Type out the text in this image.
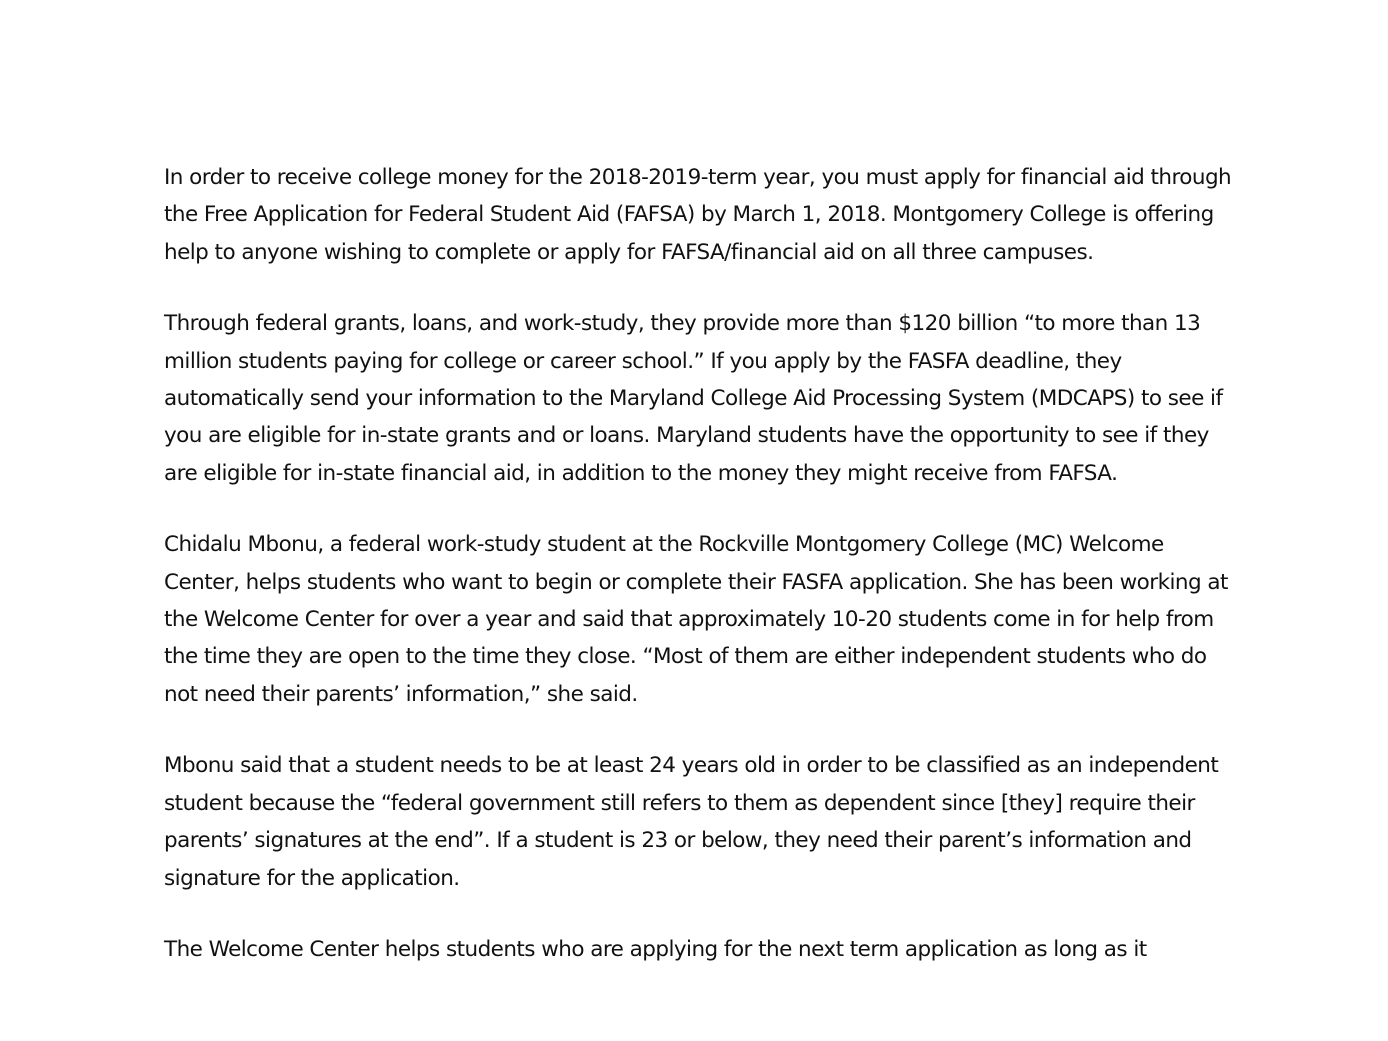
In order to receive college money for the 2018-2019-term year, you must apply for financial aid through the Free Application for Federal Student Aid (FAFSA) by March 1, 2018. Montgomery College is offering help to anyone wishing to complete or apply for FAFSA/financial aid on all three campuses.

Through federal grants, loans, and work-study, they provide more than $120 billion “to more than 13 million students paying for college or career school.” If you apply by the FASFA deadline, they automatically send your information to the Maryland College Aid Processing System (MDCAPS) to see if you are eligible for in-state grants and or loans. Maryland students have the opportunity to see if they are eligible for in-state financial aid, in addition to the money they might receive from FAFSA.

Chidalu Mbonu, a federal work-study student at the Rockville Montgomery College (MC) Welcome Center, helps students who want to begin or complete their FASFA application. She has been working at the Welcome Center for over a year and said that approximately 10-20 students come in for help from the time they are open to the time they close. “Most of them are either independent students who do not need their parents’ information,” she said.

Mbonu said that a student needs to be at least 24 years old in order to be classified as an independent student because the “federal government still refers to them as dependent since [they] require their parents’ signatures at the end”. If a student is 23 or below, they need their parent’s information and signature for the application.

The Welcome Center helps students who are applying for the next term application as long as it
